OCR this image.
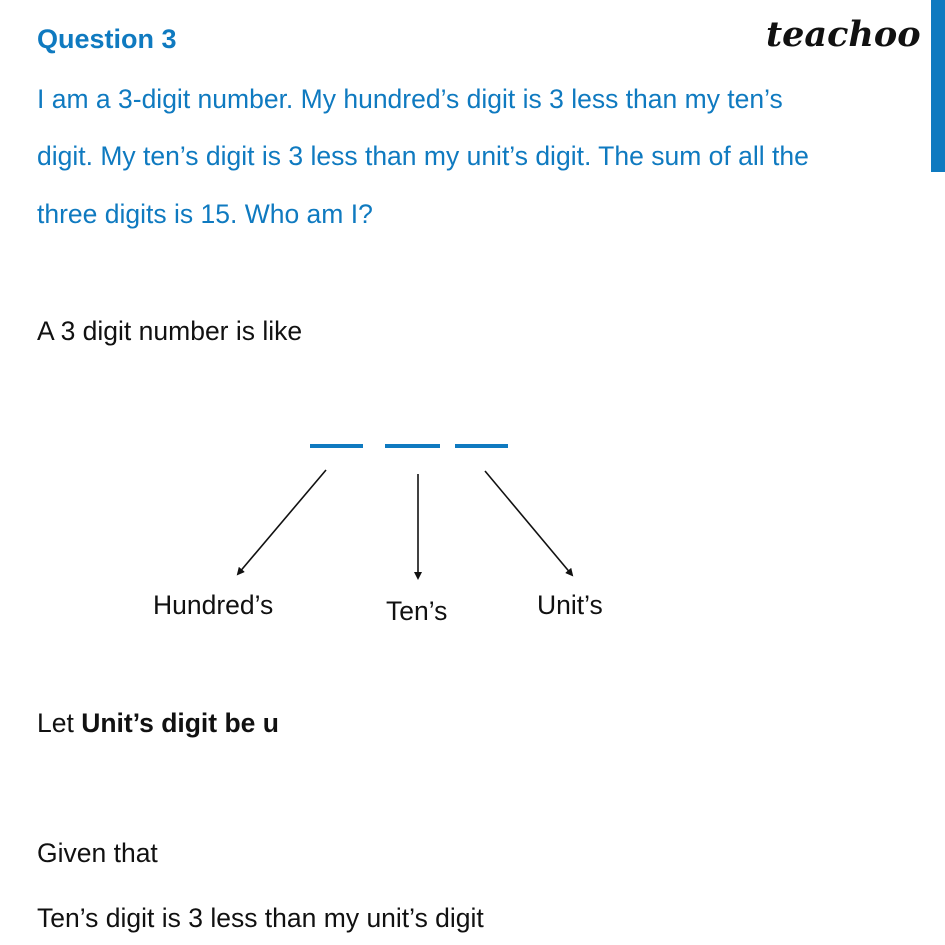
Question 3	teachoo
I am a 3-digit number. My hundred’s digit is 3 less than my ten’s
digit. My ten’s digit is 3 less than my unit’s digit. The sum of all the
three digits is 15. Who am I?
A 3 digit number is like
Hundred’s	Ten’s	Unit’s
Let Unit’s digit be u
Given that
Ten’s digit is 3 less than my unit’s digit
